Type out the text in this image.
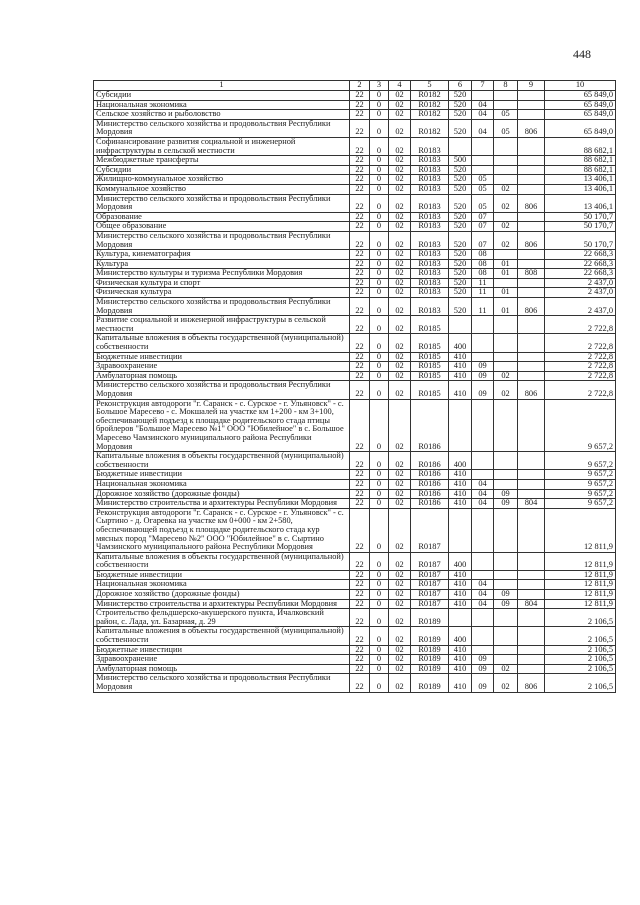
448
1	2	3	4	5	6	7	8	9	10
Субсидии	22	0	02	R0182	520				65 849,0
Национальная экономика	22	0	02	R0182	520	04			65 849,0
Сельское хозяйство и рыболовство	22	0	02	R0182	520	04	05		65 849,0
Министерство сельского хозяйства и продовольствия Республики Мордовия	22	0	02	R0182	520	04	05	806	65 849,0
Софинансирование развития социальной и инженерной инфраструктуры в сельской местности	22	0	02	R0183					88 682,1
Межбюджетные трансферты	22	0	02	R0183	500				88 682,1
Субсидии	22	0	02	R0183	520				88 682,1
Жилищно-коммунальное хозяйство	22	0	02	R0183	520	05			13 406,1
Коммунальное хозяйство	22	0	02	R0183	520	05	02		13 406,1
Министерство сельского хозяйства и продовольствия Республики Мордовия	22	0	02	R0183	520	05	02	806	13 406,1
Образование	22	0	02	R0183	520	07			50 170,7
Общее образование	22	0	02	R0183	520	07	02		50 170,7
Министерство сельского хозяйства и продовольствия Республики Мордовия	22	0	02	R0183	520	07	02	806	50 170,7
Культура, кинематография	22	0	02	R0183	520	08			22 668,3
Культура	22	0	02	R0183	520	08	01		22 668,3
Министерство культуры и туризма Республики Мордовия	22	0	02	R0183	520	08	01	808	22 668,3
Физическая культура и спорт	22	0	02	R0183	520	11			2 437,0
Физическая культура	22	0	02	R0183	520	11	01		2 437,0
Министерство сельского хозяйства и продовольствия Республики Мордовия	22	0	02	R0183	520	11	01	806	2 437,0
Развитие социальной и инженерной инфраструктуры в сельской местности	22	0	02	R0185					2 722,8
Капитальные вложения в объекты государственной (муниципальной) собственности	22	0	02	R0185	400				2 722,8
Бюджетные инвестиции	22	0	02	R0185	410				2 722,8
Здравоохранение	22	0	02	R0185	410	09			2 722,8
Амбулаторная помощь	22	0	02	R0185	410	09	02		2 722,8
Министерство сельского хозяйства и продовольствия Республики Мордовия	22	0	02	R0185	410	09	02	806	2 722,8
Реконструкция автодороги "г. Саранск - с. Сурское - г. Ульяновск" - с. Большое Маресево - с. Мокшалей на участке км 1+200 - км 3+100, обеспечивающей подъезд к площадке родительского стада птицы бройлеров "Большое Маресево №1" ООО "Юбилейное" в с. Большое Маресево Чамзинского муниципального района Республики Мордовия	22	0	02	R0186					9 657,2
Капитальные вложения в объекты государственной (муниципальной) собственности	22	0	02	R0186	400				9 657,2
Бюджетные инвестиции	22	0	02	R0186	410				9 657,2
Национальная экономика	22	0	02	R0186	410	04			9 657,2
Дорожное хозяйство (дорожные фонды)	22	0	02	R0186	410	04	09		9 657,2
Министерство строительства и архитектуры Республики Мордовия	22	0	02	R0186	410	04	09	804	9 657,2
Реконструкция автодороги "г. Саранск - с. Сурское - г. Ульяновск" - с. Сыртино - д. Огаревка на участке км 0+000 - км 2+580, обеспечивающей подъезд к площадке родительского стада кур мясных пород "Маресево №2" ООО "Юбилейное" в с. Сыртино Чамзинского муниципального района Республики Мордовия	22	0	02	R0187					12 811,9
Капитальные вложения в объекты государственной (муниципальной) собственности	22	0	02	R0187	400				12 811,9
Бюджетные инвестиции	22	0	02	R0187	410				12 811,9
Национальная экономика	22	0	02	R0187	410	04			12 811,9
Дорожное хозяйство (дорожные фонды)	22	0	02	R0187	410	04	09		12 811,9
Министерство строительства и архитектуры Республики Мордовия	22	0	02	R0187	410	04	09	804	12 811,9
Строительство фельдшерско-акушерского пункта, Ичалковский район, с. Лада, ул. Базарная, д. 29	22	0	02	R0189					2 106,5
Капитальные вложения в объекты государственной (муниципальной) собственности	22	0	02	R0189	400				2 106,5
Бюджетные инвестиции	22	0	02	R0189	410				2 106,5
Здравоохранение	22	0	02	R0189	410	09			2 106,5
Амбулаторная помощь	22	0	02	R0189	410	09	02		2 106,5
Министерство сельского хозяйства и продовольствия Республики Мордовия	22	0	02	R0189	410	09	02	806	2 106,5
